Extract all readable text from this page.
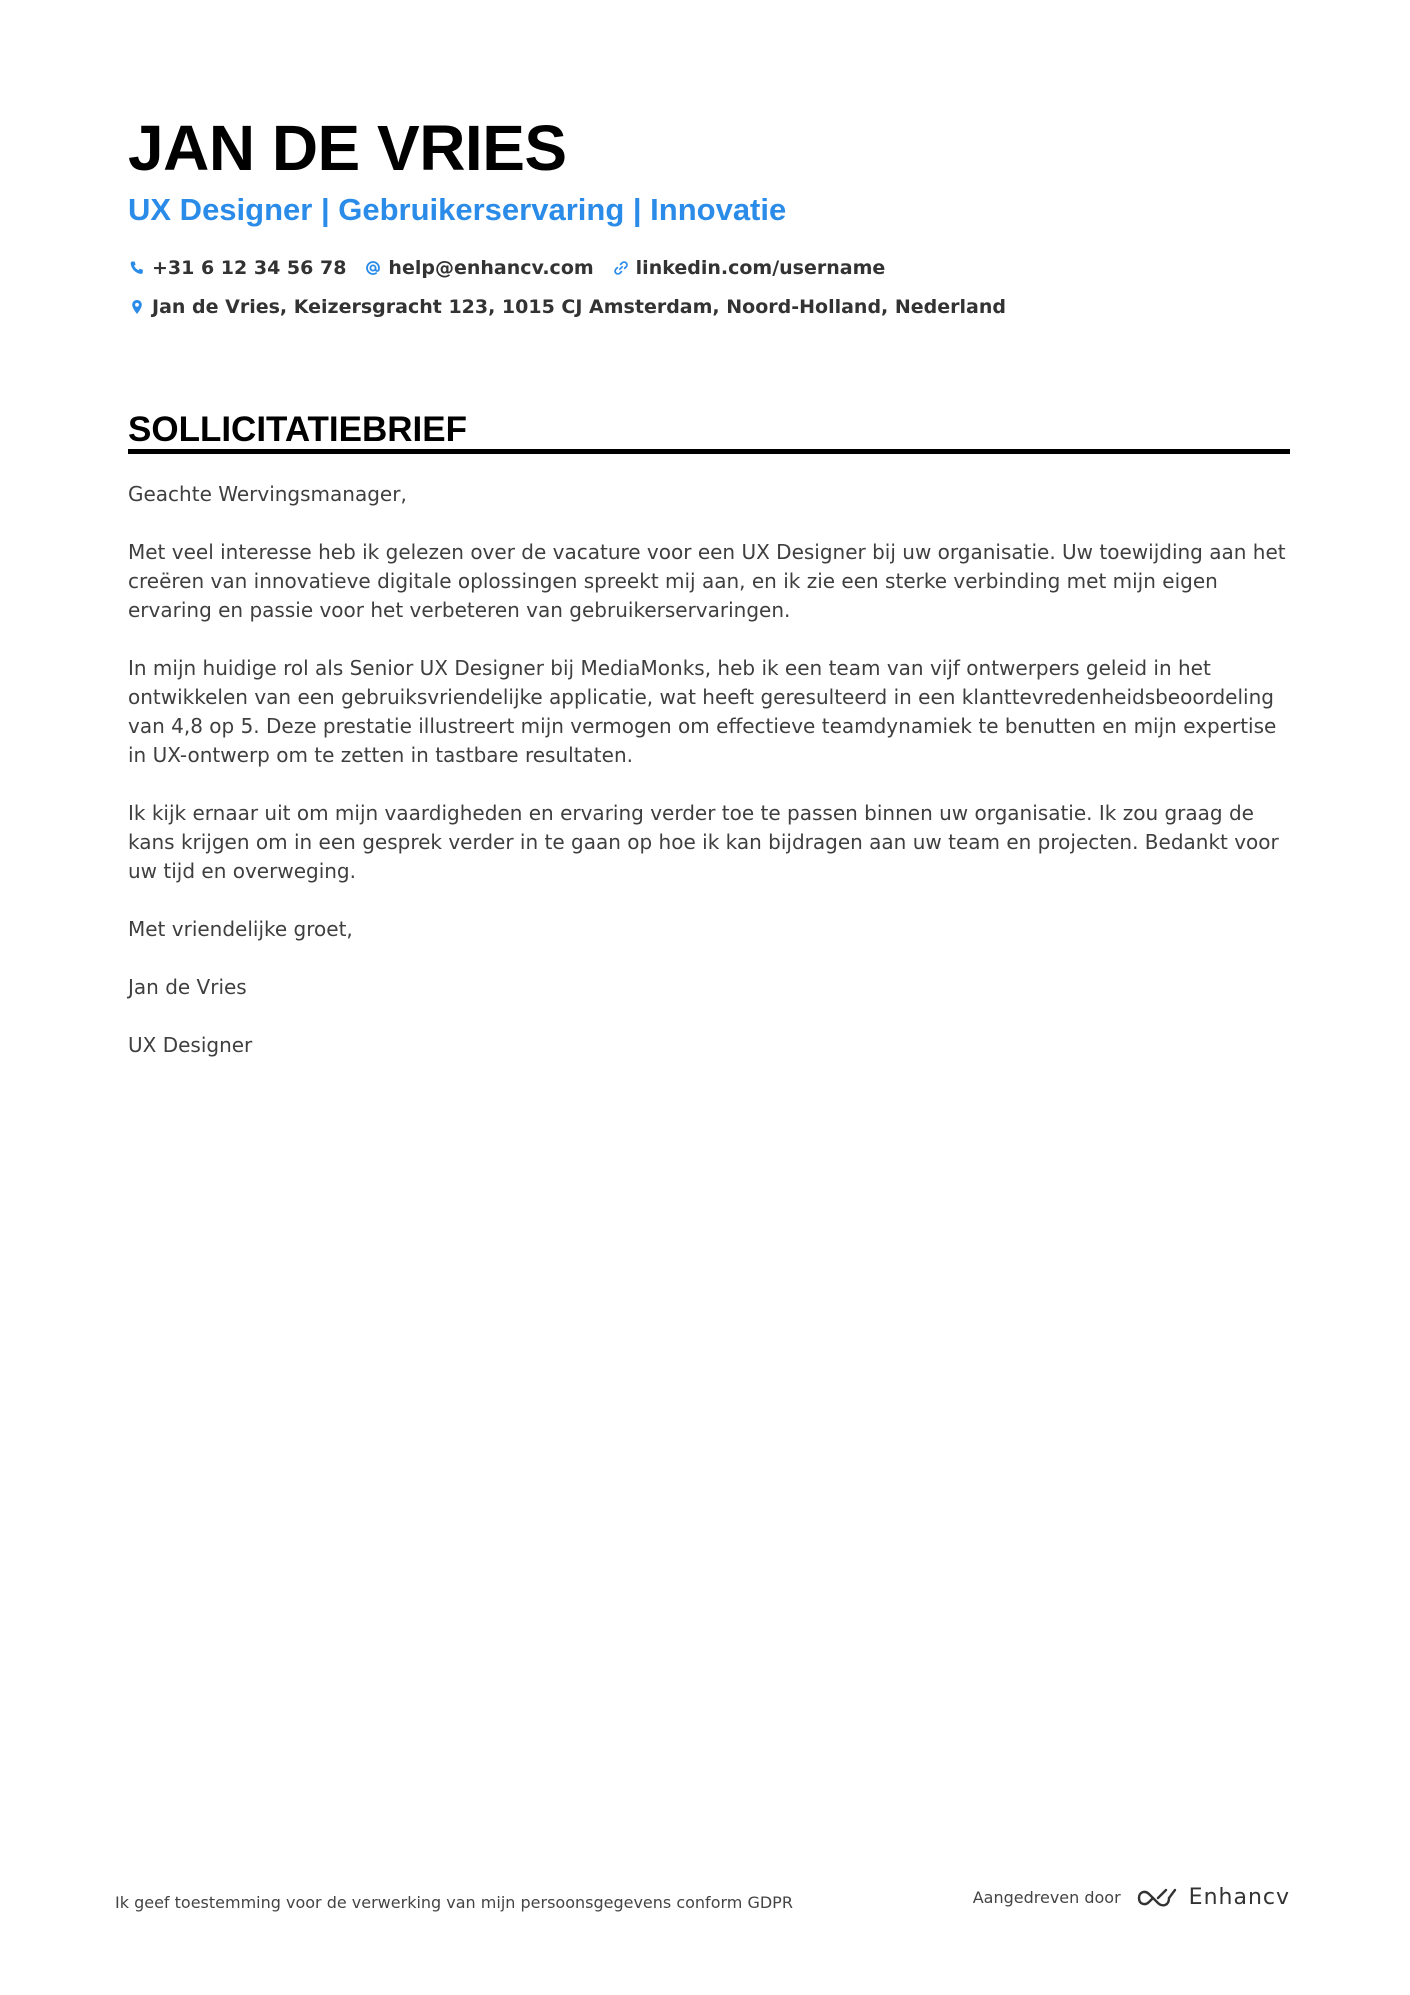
JAN DE VRIES
UX Designer | Gebruikerservaring | Innovatie
+31 6 12 34 56 78 help@enhancv.com linkedin.com/username
Jan de Vries, Keizersgracht 123, 1015 CJ Amsterdam, Noord-Holland, Nederland
SOLLICITATIEBRIEF

Geachte Wervingsmanager,

Met veel interesse heb ik gelezen over de vacature voor een UX Designer bij uw organisatie. Uw toewijding aan het creëren van innovatieve digitale oplossingen spreekt mij aan, en ik zie een sterke verbinding met mijn eigen ervaring en passie voor het verbeteren van gebruikerservaringen.

In mijn huidige rol als Senior UX Designer bij MediaMonks, heb ik een team van vijf ontwerpers geleid in het ontwikkelen van een gebruiksvriendelijke applicatie, wat heeft geresulteerd in een klanttevredenheidsbeoordeling van 4,8 op 5. Deze prestatie illustreert mijn vermogen om effectieve teamdynamiek te benutten en mijn expertise in UX-ontwerp om te zetten in tastbare resultaten.

Ik kijk ernaar uit om mijn vaardigheden en ervaring verder toe te passen binnen uw organisatie. Ik zou graag de kans krijgen om in een gesprek verder in te gaan op hoe ik kan bijdragen aan uw team en projecten. Bedankt voor uw tijd en overweging.

Met vriendelijke groet,

Jan de Vries

UX Designer

Ik geef toestemming voor de verwerking van mijn persoonsgegevens conform GDPR	Aangedreven door	Enhancv
